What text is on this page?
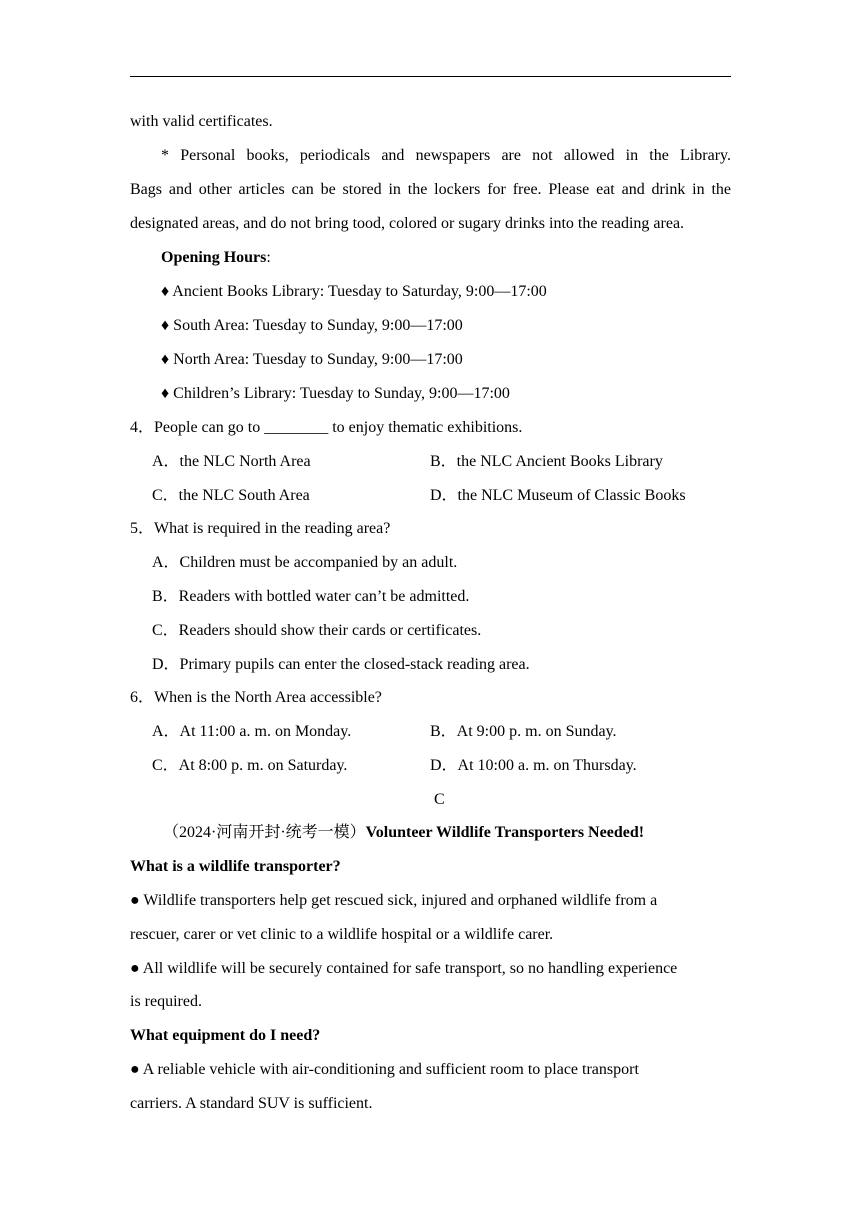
with valid certificates.
* Personal books, periodicals and newspapers are not allowed in the Library.
Bags and other articles can be stored in the lockers for free. Please eat and drink in the
designated areas, and do not bring tood, colored or sugary drinks into the reading area.
Opening Hours:
♦ Ancient Books Library: Tuesday to Saturday, 9:00—17:00
♦ South Area: Tuesday to Sunday, 9:00—17:00
♦ North Area: Tuesday to Sunday, 9:00—17:00
♦ Children’s Library: Tuesday to Sunday, 9:00—17:00
4．People can go to ________ to enjoy thematic exhibitions.
A．the NLC North Area	B．the NLC Ancient Books Library
C．the NLC South Area	D．the NLC Museum of Classic Books
5．What is required in the reading area?
A．Children must be accompanied by an adult.
B．Readers with bottled water can’t be admitted.
C．Readers should show their cards or certificates.
D．Primary pupils can enter the closed-stack reading area.
6．When is the North Area accessible?
A．At 11:00 a. m. on Monday.	B．At 9:00 p. m. on Sunday.
C．At 8:00 p. m. on Saturday.	D．At 10:00 a. m. on Thursday.
C
（2024·河南开封·统考一模）Volunteer Wildlife Transporters Needed!
What is a wildlife transporter?
● Wildlife transporters help get rescued sick, injured and orphaned wildlife from a
rescuer, carer or vet clinic to a wildlife hospital or a wildlife carer.
● All wildlife will be securely contained for safe transport, so no handling experience
is required.
What equipment do I need?
● A reliable vehicle with air-conditioning and sufficient room to place transport
carriers. A standard SUV is sufficient.
